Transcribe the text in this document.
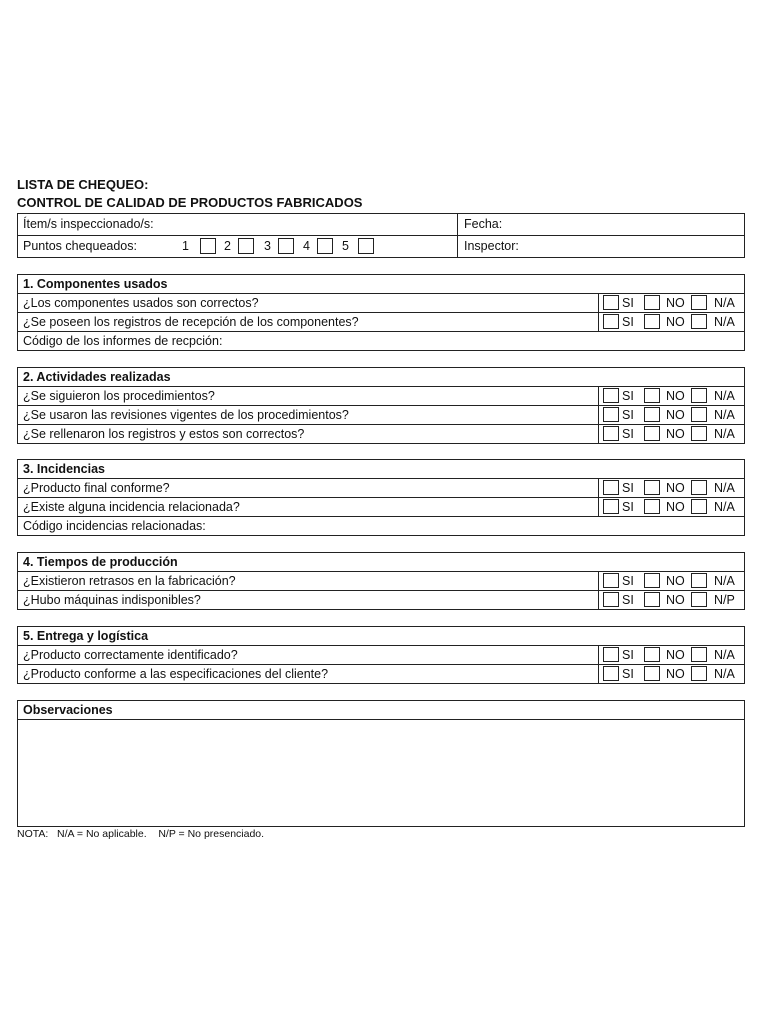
LISTA DE CHEQUEO:
CONTROL DE CALIDAD DE PRODUCTOS FABRICADOS
Ítem/s inspeccionado/s:	Fecha:
Puntos chequeados:	1	2	3	4	5	Inspector:
1. Componentes usados
¿Los componentes usados son correctos?	SI	NO N/A
¿Se poseen los registros de recepción de los componentes?	SI	NO N/A
Código de los informes de recpción:
2. Actividades realizadas
¿Se siguieron los procedimientos?	SI	NO N/A
¿Se usaron las revisiones vigentes de los procedimientos?	SI	NO N/A
¿Se rellenaron los registros y estos son correctos?	SI	NO N/A
3. Incidencias
¿Producto final conforme?	SI	NO N/A
¿Existe alguna incidencia relacionada?	SI	NO N/A
Código incidencias relacionadas:
4. Tiempos de producción
¿Existieron retrasos en la fabricación?	SI	NO N/A
¿Hubo máquinas indisponibles?	SI	NO N/P
5. Entrega y logística
¿Producto correctamente identificado?	SI	NO N/A
¿Producto conforme a las especificaciones del cliente?	SI	NO N/A
Observaciones
NOTA:   N/A = No aplicable.    N/P = No presenciado.
